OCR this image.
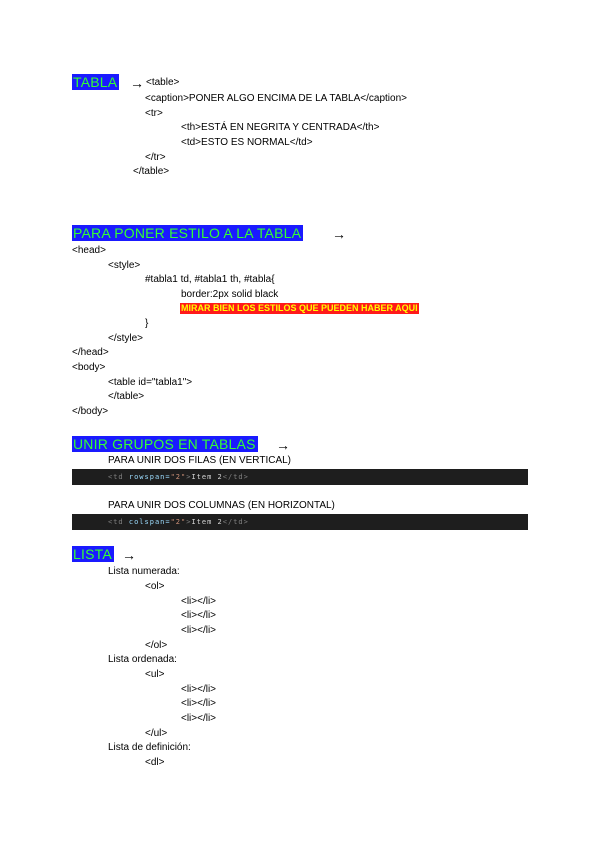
TABLA → <table>
<caption>PONER ALGO ENCIMA DE LA TABLA</caption>
<tr>
<th>ESTÁ EN NEGRITA Y CENTRADA</th>
<td>ESTO ES NORMAL</td>
</tr>
</table>
PARA PONER ESTILO A LA TABLA →
<head>
<style>
#tabla1 td, #tabla1 th, #tabla{
border:2px solid black
MIRAR BIEN LOS ESTILOS QUE PUEDEN HABER AQUI
}
</style>
</head>
<body>
<table id="tabla1">
</table>
</body>
UNIR GRUPOS EN TABLAS →
PARA UNIR DOS FILAS (EN VERTICAL)
<td rowspan="2">Item 2</td>
PARA UNIR DOS COLUMNAS (EN HORIZONTAL)
<td colspan="2">Item 2</td>
LISTA →
Lista numerada:
<ol>
<li></li>
<li></li>
<li></li>
</ol>
Lista ordenada:
<ul>
<li></li>
<li></li>
<li></li>
</ul>
Lista de definición:
<dl>
